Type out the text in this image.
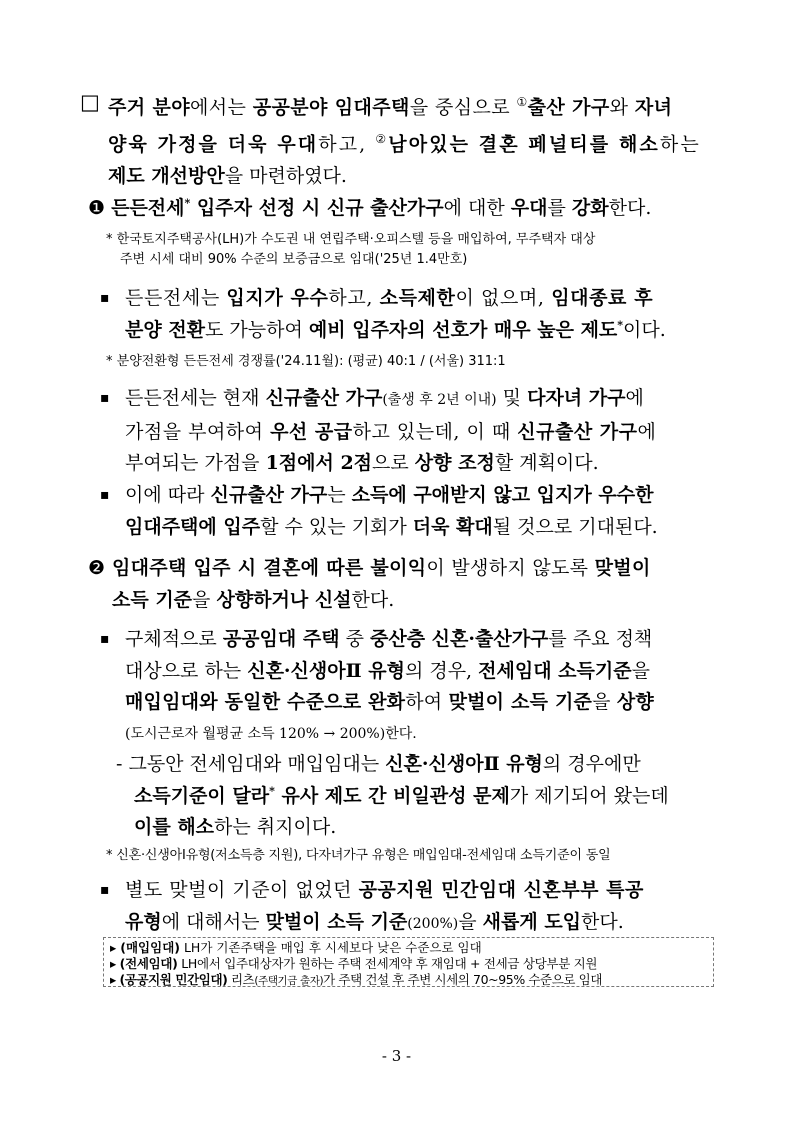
□ 주거 분야에서는 공공분야 임대주택을 중심으로 ①출산 가구와 자녀
양육 가정을 더욱 우대하고, ②남아있는 결혼 페널티를 해소하는
제도 개선방안을 마련하였다.
❶ 든든전세* 입주자 선정 시 신규 출산가구에 대한 우대를 강화한다.
* 한국토지주택공사(LH)가 수도권 내 연립주택·오피스텔 등을 매입하여, 무주택자 대상
주변 시세 대비 90% 수준의 보증금으로 임대('25년 1.4만호)
▪ 든든전세는 입지가 우수하고, 소득제한이 없으며, 임대종료 후
분양 전환도 가능하여 예비 입주자의 선호가 매우 높은 제도*이다.
* 분양전환형 든든전세 경쟁률('24.11월): (평균) 40:1 / (서울) 311:1
▪ 든든전세는 현재 신규출산 가구(출생 후 2년 이내) 및 다자녀 가구에
가점을 부여하여 우선 공급하고 있는데, 이 때 신규출산 가구에
부여되는 가점을 1점에서 2점으로 상향 조정할 계획이다.
▪ 이에 따라 신규출산 가구는 소득에 구애받지 않고 입지가 우수한
임대주택에 입주할 수 있는 기회가 더욱 확대될 것으로 기대된다.
❷ 임대주택 입주 시 결혼에 따른 불이익이 발생하지 않도록 맞벌이
소득 기준을 상향하거나 신설한다.
▪ 구체적으로 공공임대 주택 중 중산층 신혼·출산가구를 주요 정책
대상으로 하는 신혼·신생아Ⅱ 유형의 경우, 전세임대 소득기준을
매입임대와 동일한 수준으로 완화하여 맞벌이 소득 기준을 상향
(도시근로자 월평균 소득 120% → 200%)한다.
- 그동안 전세임대와 매입임대는 신혼·신생아Ⅱ 유형의 경우에만
소득기준이 달라* 유사 제도 간 비일관성 문제가 제기되어 왔는데
이를 해소하는 취지이다.
* 신혼·신생아Ⅰ유형(저소득층 지원), 다자녀가구 유형은 매입임대-전세임대 소득기준이 동일
▪ 별도 맞벌이 기준이 없었던 공공지원 민간임대 신혼부부 특공
유형에 대해서는 맞벌이 소득 기준(200%)을 새롭게 도입한다.
▸ (매입임대) LH가 기존주택을 매입 후 시세보다 낮은 수준으로 임대
▸ (전세임대) LH에서 입주대상자가 원하는 주택 전세계약 후 재임대 + 전세금 상당부분 지원
▸ (공공지원 민간임대) 리츠(주택기금 출자)가 주택 건설 후 주변 시세의 70~95% 수준으로 임대
- 3 -
